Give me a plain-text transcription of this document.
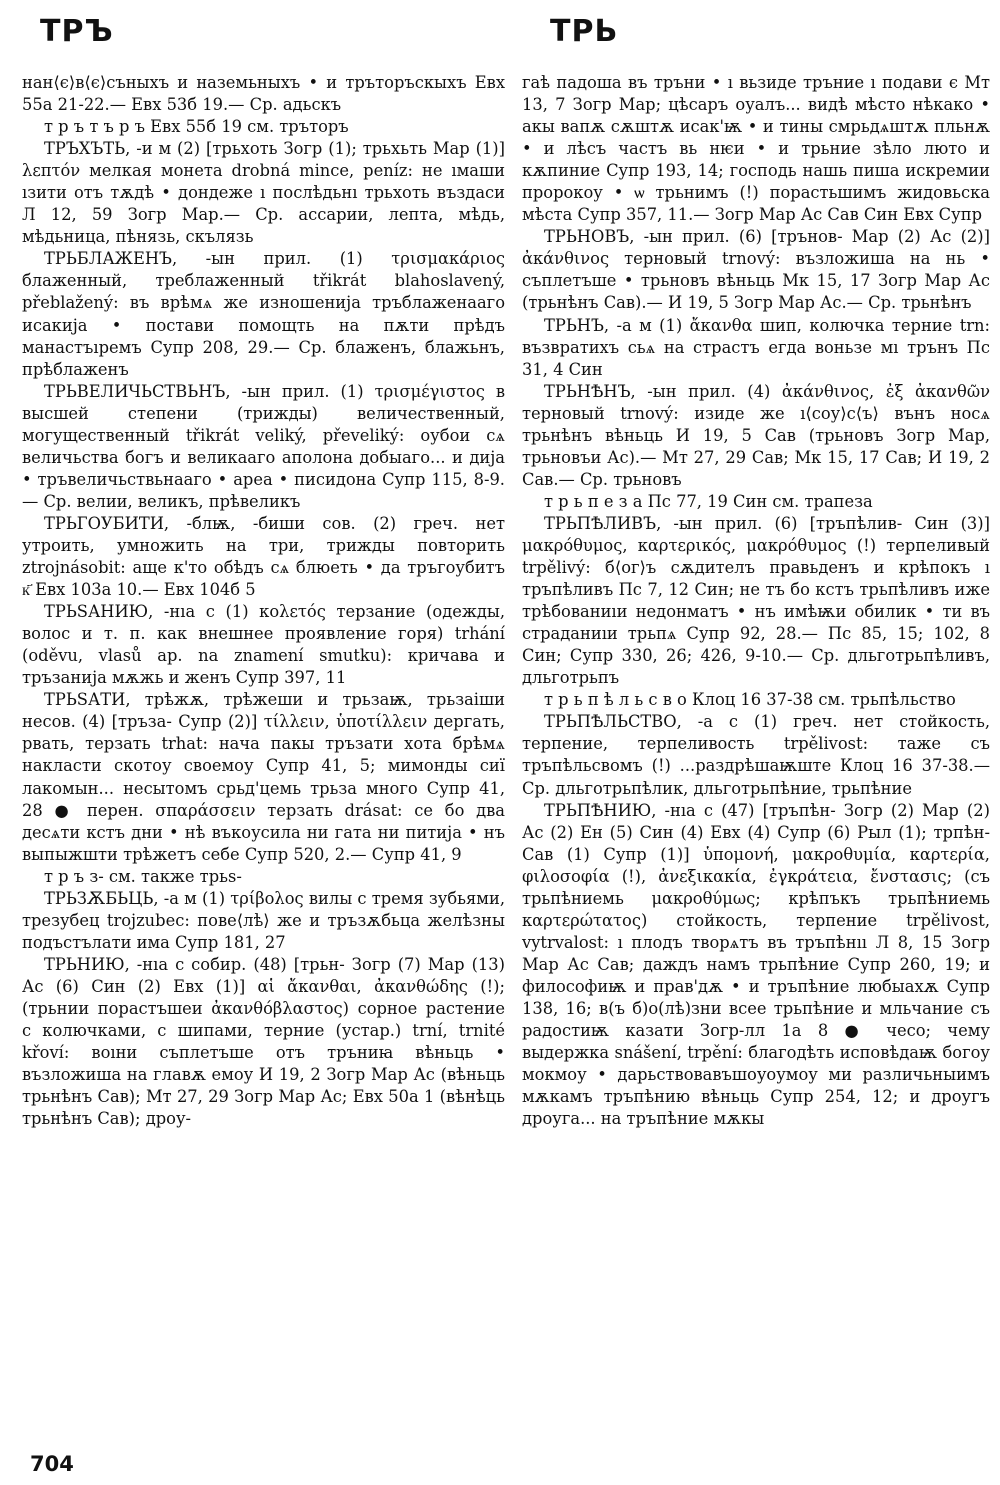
ТРЪ	ТРЬ

нан⟨є⟩в⟨є⟩съныхъ и наземьныхъ • и тръторъскыхъ Евх 55а 21-22.— Евх 53б 19.— Ср. адьскъ

т р ъ т ъ р ъ Евх 55б 19 см. тръторъ

ТРЪХЪТЬ, -и м (2) [трьхоть Зогр (1); трьхьть Мар (1)] λεπτόν мелкая монета drobná mince, peníz: не ıмаши ıзити отъ тѫдѣ • дондеже ı послѣдьнı трьхоть въздаси Л 12, 59 Зогр Мар.— Ср. ассарии, лепта, мѣдь, мѣдьница, пѣнязь, скълязь

ТРЬБЛАЖЕНЪ, -ын прил. (1) τρισμακάριος блаженный, треблаженный třikrát blahoslavený, přeblažený: въ врѣмѧ же изношенија тръблаженааго исакија • постави помощть на пѫти прѣдъ манастъıремъ Супр 208, 29.— Ср. блаженъ, блажьнъ, прѣблаженъ

ТРЬВЕЛИЧЬСТВЬНЪ, -ын прил. (1) τρισμέγιστος в высшей степени (трижды) величественный, могущественный třikrát veliký, převeliký: оубои сѧ величьства богъ и великааго аполона добыаго... и дија • тръвеличьствьнааго • ареа • писидона Супр 115, 8-9.— Ср. велии, великъ, прѣвеликъ

ТРЬГОУБИТИ, -блѭ, -биши сов. (2) греч. нет утроить, умножить на три, трижды повторить ztrojnásobit: аще к'то обѣдъ сѧ блюеть • да тръгоубитъ к҃ Евх 103а 10.— Евх 104б 5

ТРЬЅАНИЮ, -нıа с (1) κολετός терзание (одежды, волос и т. п. как внешнее проявление горя) trhání (oděvu, vlasů ap. na znamení smutku): кричава и тръзанија мѫжь и женъ Супр 397, 11

ТРЬЅАТИ, трѣжѫ, трѣжеши и трьзаѭ, трьзаіши несов. (4) [тръза- Супр (2)] τίλλειν, ὑποτίλλειν дергать, рвать, терзать trhat: нача пакы тръзати хота брѣмѧ накласти скотоу своемоу Супр 41, 5; мимонды сиї лакомын... несытомъ срьд'цемь трьза много Супр 41, 28 ● перен. σπαράσσειν терзать drásat: се бо два десѧти кстъ дни • нѣ въкоусила ни гата ни питија • нъ выпыжшти трѣжетъ себе Супр 520, 2.— Супр 41, 9

т р ъ з- см. также трьѕ-

ТРЬЗѪБЬЦЬ, -а м (1) τρίβολος вилы с тремя зубьями, трезубец trojzubec: пове⟨лѣ⟩ же и тръзѫбьца желѣзны подъстълати има Супр 181, 27

ТРЬНИЮ, -нıа с собир. (48) [трьн- Зогр (7) Мар (13) Ас (6) Син (2) Евх (1)] αἱ ἄκανθαι, ἀκανθώδης (!); (трьнии порастъшеи ἀκανθόβλαστος) сорное растение с колючками, с шипами, терние (устар.) trní, trnité křoví: воıни съплетъше отъ тръниꙗ вѣньць • възложиша на главѫ емоу И 19, 2 Зогр Мар Ас (вѣньць трьнѣнъ Сав); Мт 27, 29 Зогр Мар Ас; Евх 50а 1 (вѣнѣць трьнѣнъ Сав); дроу-

гаѣ падоша въ тръни • ı вьзиде тръние ı подави є Мт 13, 7 Зогр Мар; цѣсаръ оуалъ... видѣ мѣсто нѣкако • акы вапѫ сѫштѫ исак'ѭ • и тины смрьдѧштѫ пльнѫ • и лѣсъ частъ вь нѥи • и трьние зѣло люто и кѫпиние Супр 193, 14; господь нашь пиша искремии пророкоу • ѡ трьнимъ (!) порастьшимъ жидовьска мѣста Супр 357, 11.— Зогр Мар Ас Сав Син Евх Супр

ТРЬНОВЪ, -ын прил. (6) [трънов- Мар (2) Ас (2)] ἀκάνθινος терновый trnový: възложиша на нь • съплетъше • трьновъ вѣньць Мк 15, 17 Зогр Мар Ас (трьнѣнъ Сав).— И 19, 5 Зогр Мар Ас.— Ср. трьнѣнъ

ТРЬНЪ, -а м (1) ἄκανθα шип, колючка терние trn: възвратихъ сьѧ на страстъ егда воньзе мı трънъ Пс 31, 4 Син

ТРЬНѢНЪ, -ын прил. (4) ἀκάνθινος, ἐξ ἀκανθῶν терновый trnový: изиде же ı⟨соу⟩с⟨ъ⟩ вънъ носѧ трьнѣнъ вѣньць И 19, 5 Сав (трьновъ Зогр Мар, трьновъи Ас).— Мт 27, 29 Сав; Мк 15, 17 Сав; И 19, 2 Сав.— Ср. трьновъ

т р ь п е з а Пс 77, 19 Син см. трапеза

ТРЬПѢЛИВЪ, -ын прил. (6) [тръпѣлив- Син (3)] μακρόθυμος, καρτερικός, μακρόθυμος (!) терпеливый trpělivý: б⟨ог⟩ъ сѫдителъ правьденъ и крѣпокъ ı тръпѣливъ Пс 7, 12 Син; не тъ бо кстъ трьпѣливъ иже трѣбованиıи недонматъ • нъ имѣѭи обилик • ти въ страданиıи трьпѧ Супр 92, 28.— Пс 85, 15; 102, 8 Син; Супр 330, 26; 426, 9-10.— Ср. дльготрьпѣливъ, дльготрьпъ

т р ь п ѣ л ь с в о Клоц 16 37-38 см. трьпѣльство

ТРЬПѢЛЬСТВО, -а с (1) греч. нет стойкость, терпение, терпеливость trpělivost: таже съ тръпѣльсвомъ (!) ...раздрѣшаѭште Клоц 16 37-38.— Ср. дльготрьпѣлик, дльготрьпѣние, трьпѣние

ТРЬПѢНИЮ, -нıа с (47) [тръпѣн- Зогр (2) Мар (2) Ас (2) Ен (5) Син (4) Евх (4) Супр (6) Рыл (1); трпѣн- Сав (1) Супр (1)] ὑπομονή, μακροθυμία, καρτερία, φιλοσοφία (!), ἀνεξικακία, ἐγκράτεια, ἔνστασις; (съ трьпѣниемь μακροθύμως; крѣпъкъ трьпѣниемь καρτερώτατος) стойкость, терпение trpělivost, vytrvalost: ı плодъ творѧтъ въ тръпѣнıı Л 8, 15 Зогр Мар Ас Сав; даждъ намъ трьпѣние Супр 260, 19; и философиѭ и прав'дѫ • и тръпѣние любыахѫ Супр 138, 16; в(ъ б)о(лѣ)зни всее трьпѣние и мльчание съ радостиѭ казати Зогр-лл 1а 8 ● чесо; чему выдержка snášení, trpění: благодѣть исповѣдаѭ богоу мокмоу • дарьствовавъшоуоумоу ми различьныимъ мѫкамъ тръпѣнию вѣньць Супр 254, 12; и дроугъ дроуга... на тръпѣние мѫкы

704
